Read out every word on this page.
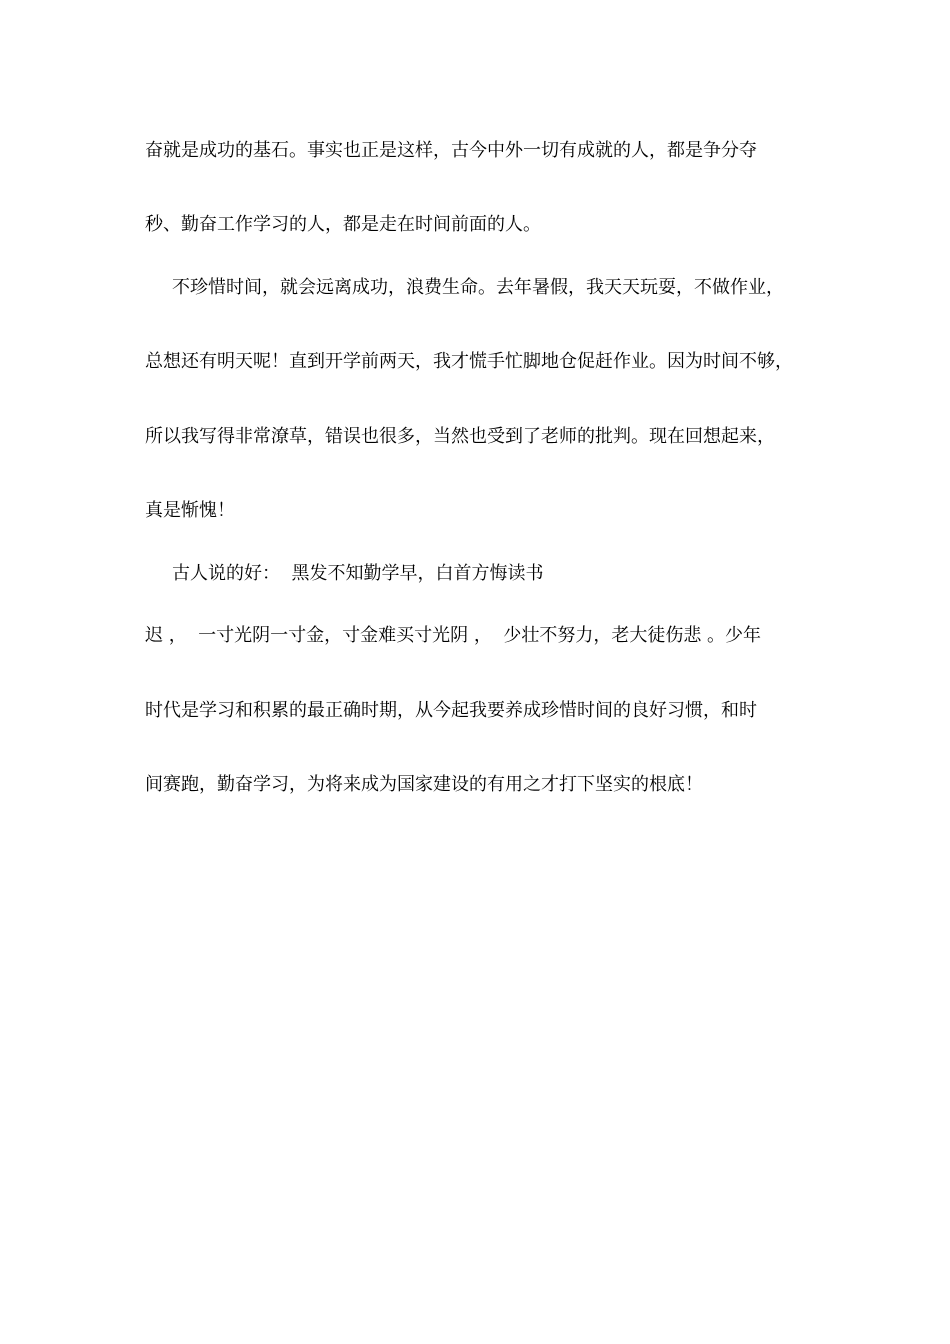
奋就是成功的基石。事实也正是这样，古今中外一切有成就的人，都是争分夺
秒、勤奋工作学习的人，都是走在时间前面的人。
不珍惜时间，就会远离成功，浪费生命。去年暑假，我天天玩耍，不做作业，
总想还有明天呢！直到开学前两天，我才慌手忙脚地仓促赶作业。因为时间不够，
所以我写得非常潦草，错误也很多，当然也受到了老师的批判。现在回想起来，
真是惭愧！
古人说的好：  黑发不知勤学早，白首方悔读书
迟 ，  一寸光阴一寸金，寸金难买寸光阴 ，  少壮不努力，老大徒伤悲 。少年
时代是学习和积累的最正确时期，从今起我要养成珍惜时间的良好习惯，和时
间赛跑，勤奋学习，为将来成为国家建设的有用之才打下坚实的根底！
